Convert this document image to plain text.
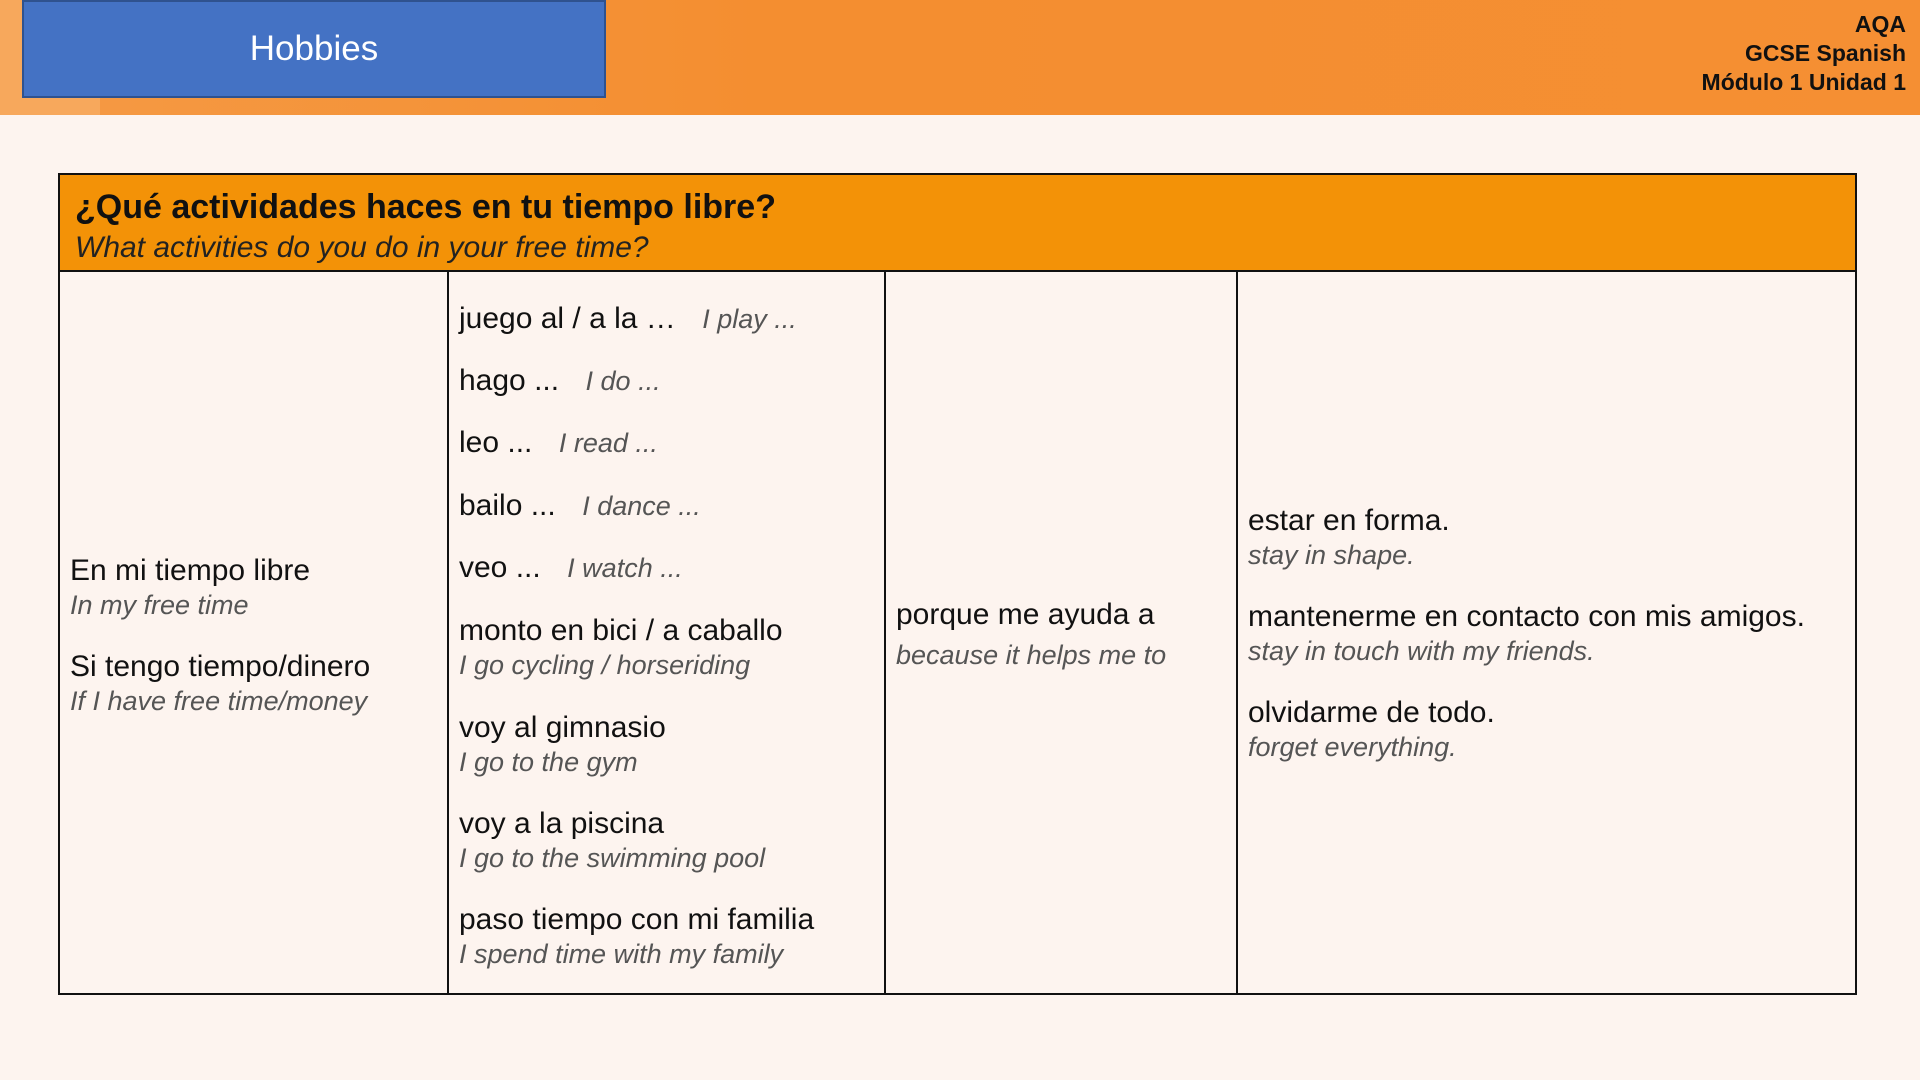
Hobbies
AQA
GCSE Spanish
Módulo 1 Unidad 1
¿Qué actividades haces en tu tiempo libre?
What activities do you do in your free time?
En mi tiempo libre
In my free time
Si tengo tiempo/dinero
If I have free time/money
juego al / a la … I play ...
hago ... I do ...
leo ... I read ...
bailo ... I dance ...
veo ... I watch ...
monto en bici / a caballo
I go cycling / horseriding
voy al gimnasio
I go to the gym
voy a la piscina
I go to the swimming pool
paso tiempo con mi familia
I spend time with my family
porque me ayuda a
because it helps me to
estar en forma.
stay in shape.
mantenerme en contacto con mis amigos.
stay in touch with my friends.
olvidarme de todo.
forget everything.
